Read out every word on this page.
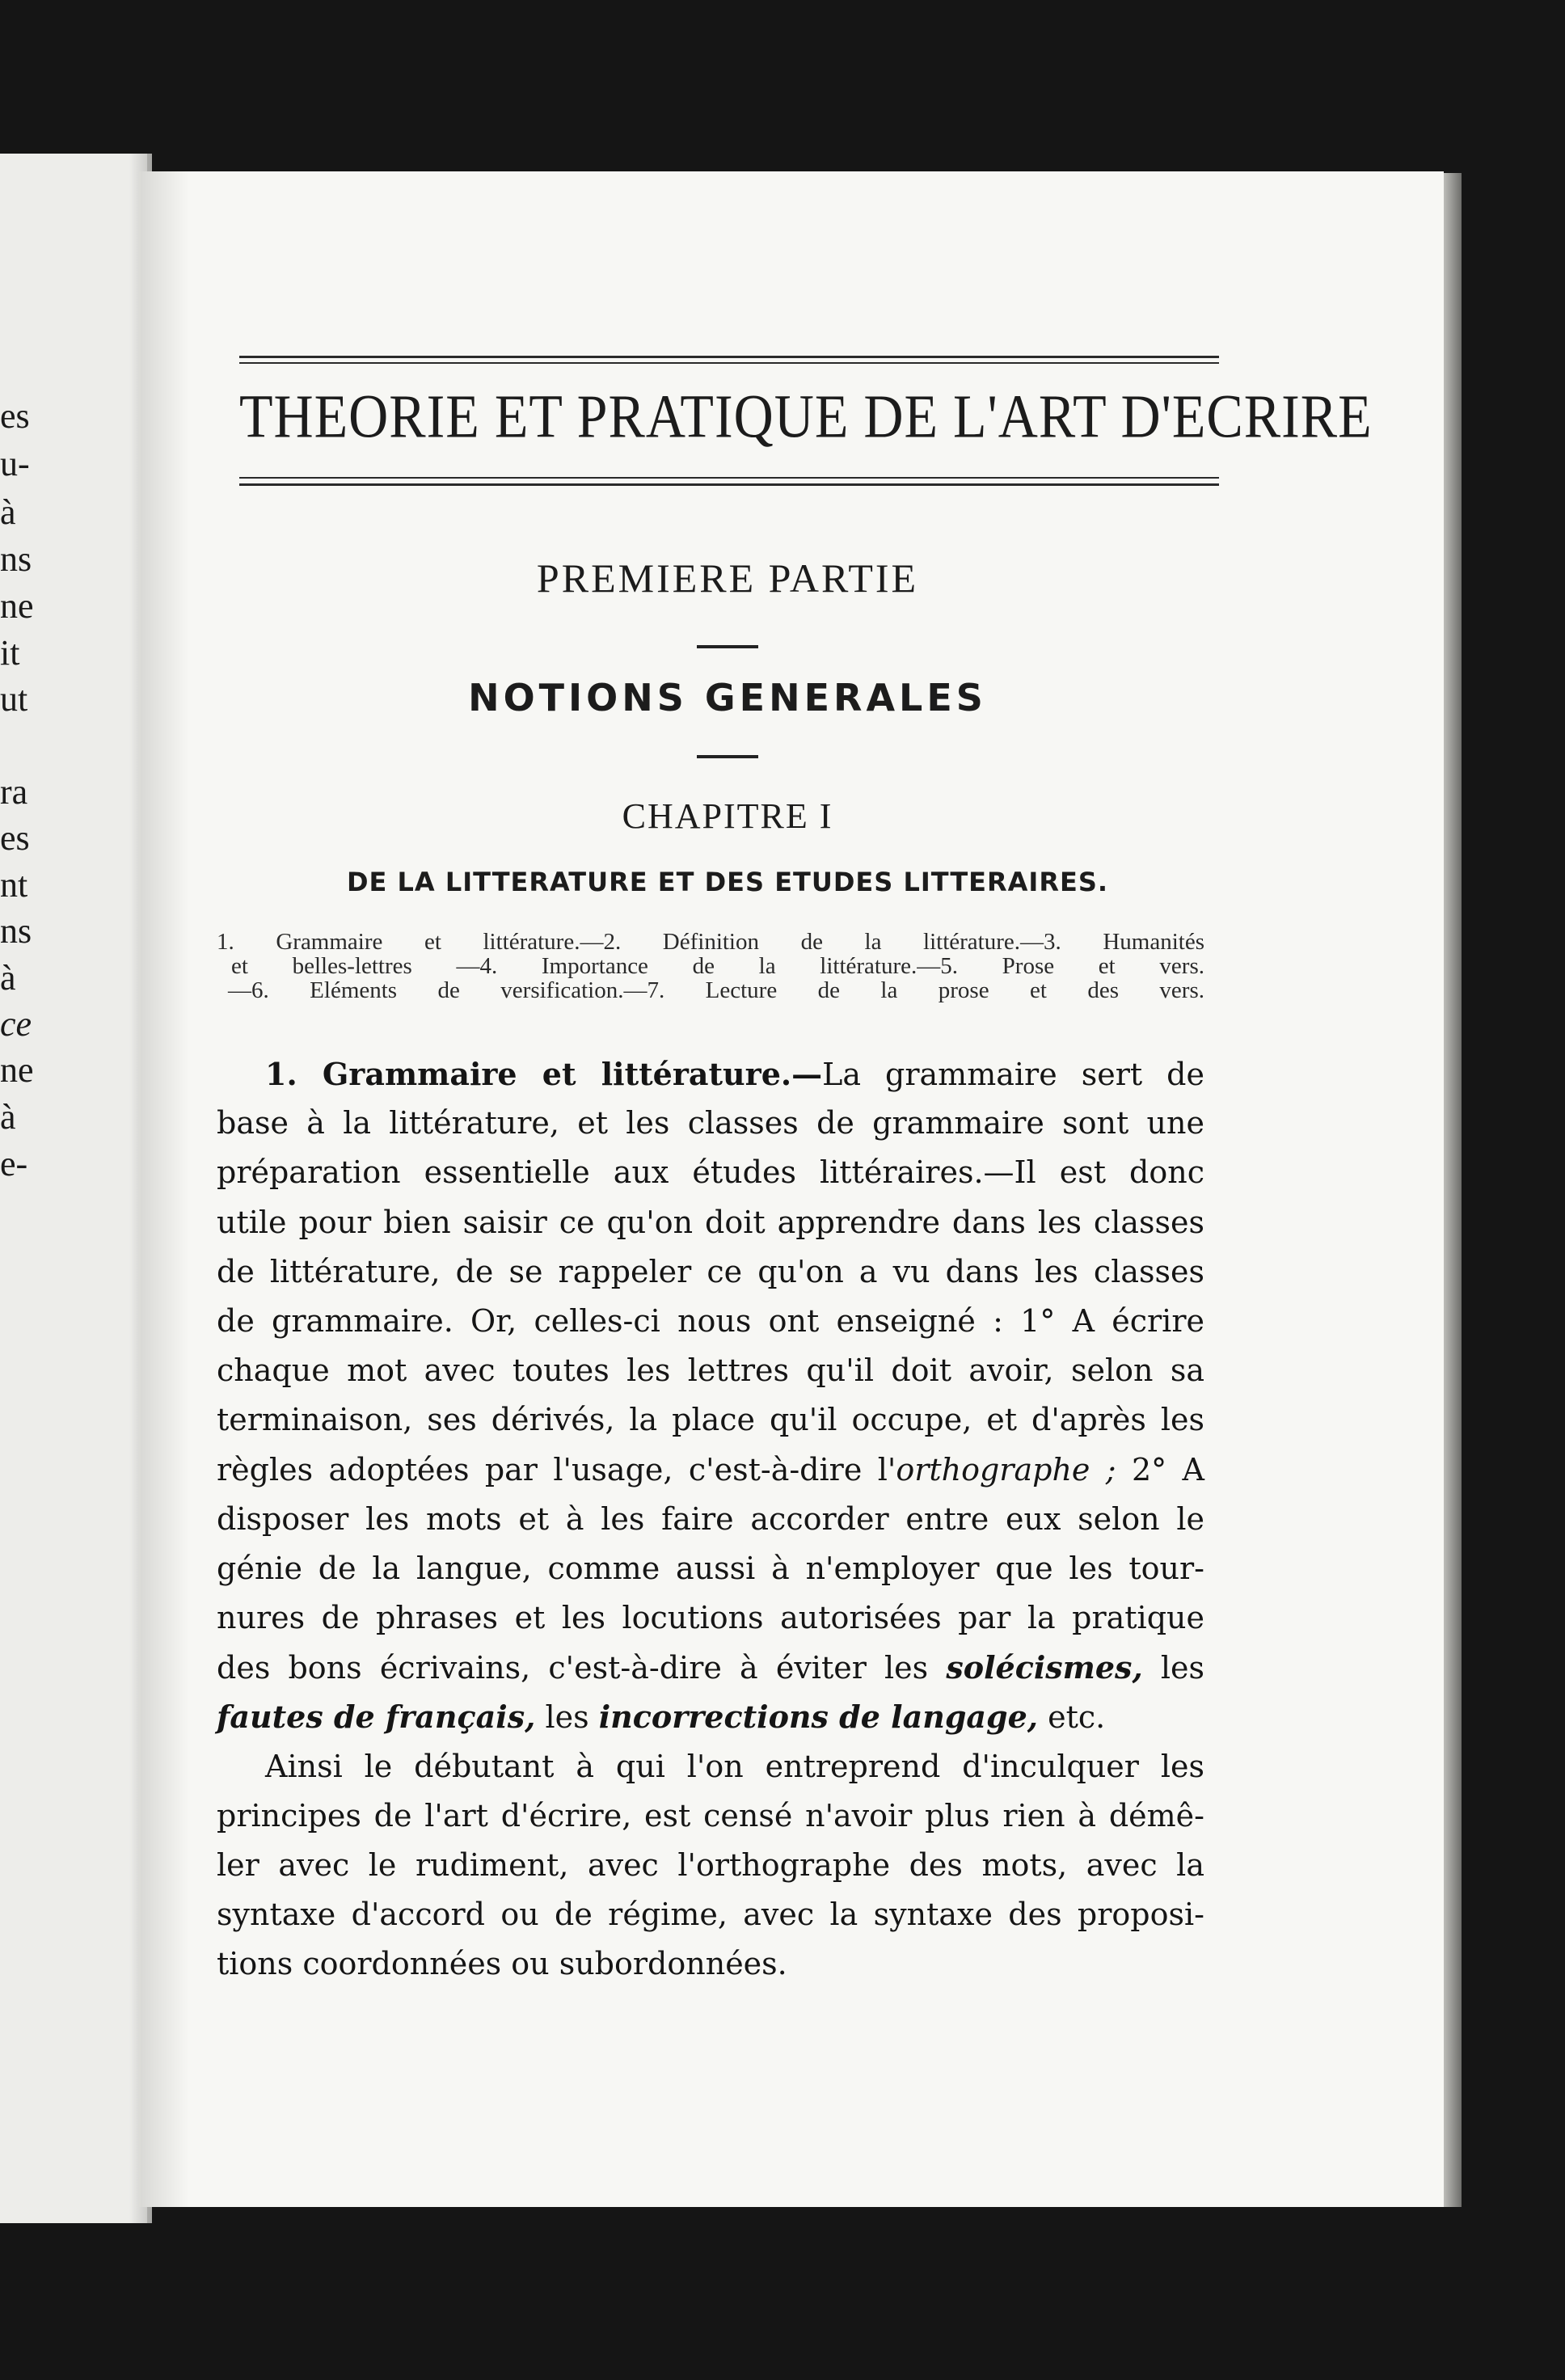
es
u-
à
ns
ne
it
ut
ra
es
nt
ns
à
ce
ne
à
e-
THEORIE ET PRATIQUE DE L'ART D'ECRIRE
PREMIERE PARTIE
NOTIONS GENERALES
CHAPITRE I
DE LA LITTERATURE ET DES ETUDES LITTERAIRES.
1. Grammaire et littérature.—2. Définition de la littérature.—3. Humanités
et belles-lettres —4. Importance de la littérature.—5. Prose et vers.
—6. Eléments de versification.—7. Lecture de la prose et des vers.
1. Grammaire et littérature.—La grammaire sert de
base à la littérature, et les classes de grammaire sont une
préparation essentielle aux études littéraires.—Il est donc
utile pour bien saisir ce qu'on doit apprendre dans les classes
de littérature, de se rappeler ce qu'on a vu dans les classes
de grammaire. Or, celles-ci nous ont enseigné : 1° A écrire
chaque mot avec toutes les lettres qu'il doit avoir, selon sa
terminaison, ses dérivés, la place qu'il occupe, et d'après les
règles adoptées par l'usage, c'est-à-dire l'orthographe ; 2° A
disposer les mots et à les faire accorder entre eux selon le
génie de la langue, comme aussi à n'employer que les tour-
nures de phrases et les locutions autorisées par la pratique
des bons écrivains, c'est-à-dire à éviter les solécismes, les
fautes de français, les incorrections de langage, etc.
Ainsi le débutant à qui l'on entreprend d'inculquer les
principes de l'art d'écrire, est censé n'avoir plus rien à démê-
ler avec le rudiment, avec l'orthographe des mots, avec la
syntaxe d'accord ou de régime, avec la syntaxe des proposi-
tions coordonnées ou subordonnées.
